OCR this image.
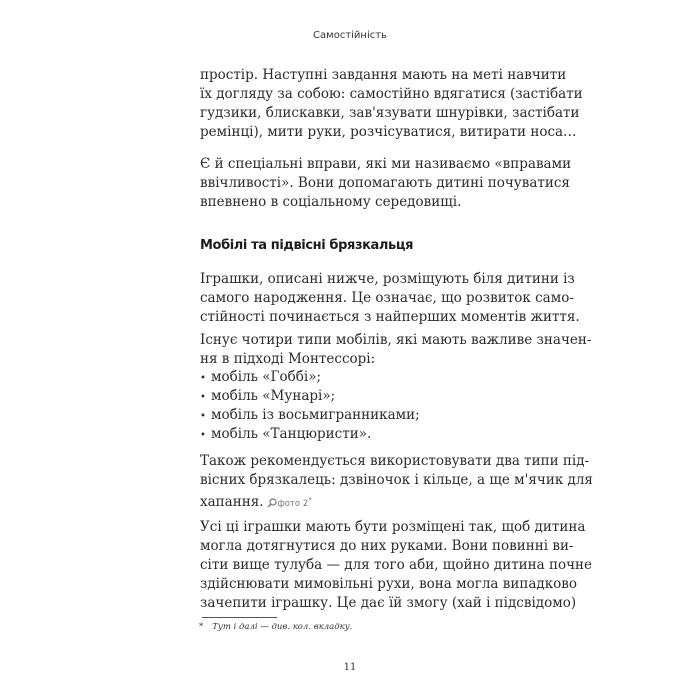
Самостійність
простір. Наступні завдання мають на меті навчити
їх догляду за собою: самостійно вдягатися (застібати
гудзики, блискавки, зав'язувати шнурівки, застібати
ремінці), мити руки, розчісуватися, витирати носа…
Є й спеціальні вправи, які ми називаємо «вправами
ввічливості». Вони допомагають дитині почуватися
впевнено в соціальному середовищі.
Мобілі та підвісні брязкальця
Іграшки, описані нижче, розміщують біля дитини із
самого народження. Це означає, що розвиток само-
стійності починається з найперших моментів життя.
Існує чотири типи мобілів, які мають важливе значен-
ня в підході Монтессорі:
• мобіль «Гоббі»;
• мобіль «Мунарі»;
• мобіль із восьмигранниками;
• мобіль «Танцюристи».
Також рекомендується використовувати два типи під-
вісних брязкалець: дзвіночок і кільце, а ще м'ячик для
хапання. фото 2*
Усі ці іграшки мають бути розміщені так, щоб дитина
могла дотягнутися до них руками. Вони повинні ви-
сіти вище тулуба — для того аби, щойно дитина почне
здійснювати мимовільні рухи, вона могла випадково
зачепити іграшку. Це дає їй змогу (хай і підсвідомо)
* Тут і далі — див. кол. вкладку.
11
